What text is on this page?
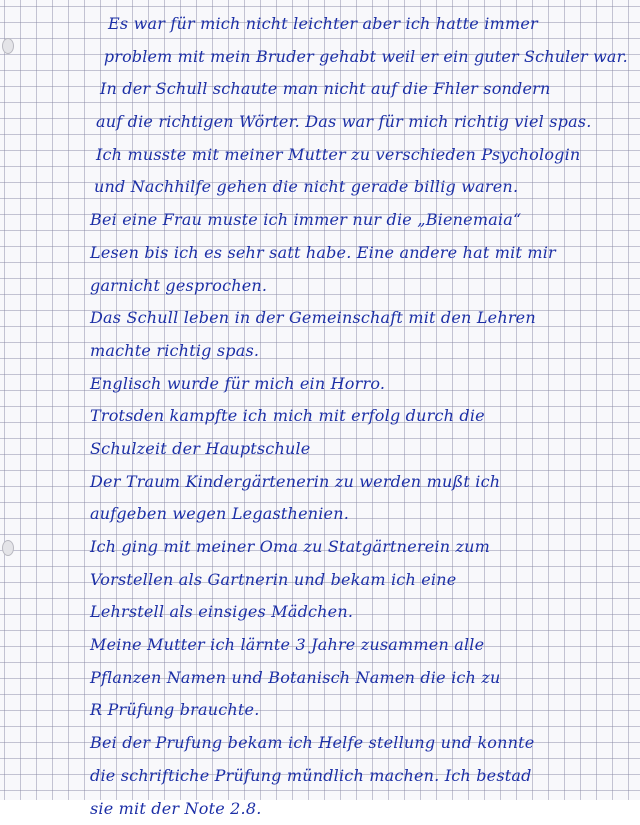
Es war für mich nicht leichter aber ich hatte immer
problem mit mein Bruder gehabt weil er ein guter Schuler war.
In der Schull schaute man nicht auf die Fhler sondern
auf die richtigen Wörter. Das war für mich richtig viel spas.
Ich musste mit meiner Mutter zu verschieden Psychologin
und Nachhilfe gehen die nicht gerade billig waren.
Bei eine Frau muste ich immer nur die „Bienemaia“
Lesen bis ich es sehr satt habe. Eine andere hat mit mir
garnicht gesprochen.
Das Schull leben in der Gemeinschaft mit den Lehren
machte richtig spas.
Englisch wurde für mich ein Horro.
Trotsden kampfte ich mich mit erfolg durch die
Schulzeit der Hauptschule
Der Traum Kindergärtenerin zu werden mußt ich
aufgeben wegen Legasthenien.
Ich ging mit meiner Oma zu Statgärtnerein zum
Vorstellen als Gartnerin und bekam ich eine
Lehrstell als einsiges Mädchen.
Meine Mutter ich lärnte 3 Jahre zusammen alle
Pflanzen Namen und Botanisch Namen die ich zu
R Prüfung brauchte.
Bei der Prufung bekam ich Helfe stellung und konnte
die schriftiche Prüfung mündlich machen. Ich bestad
sie mit der Note 2.8.
